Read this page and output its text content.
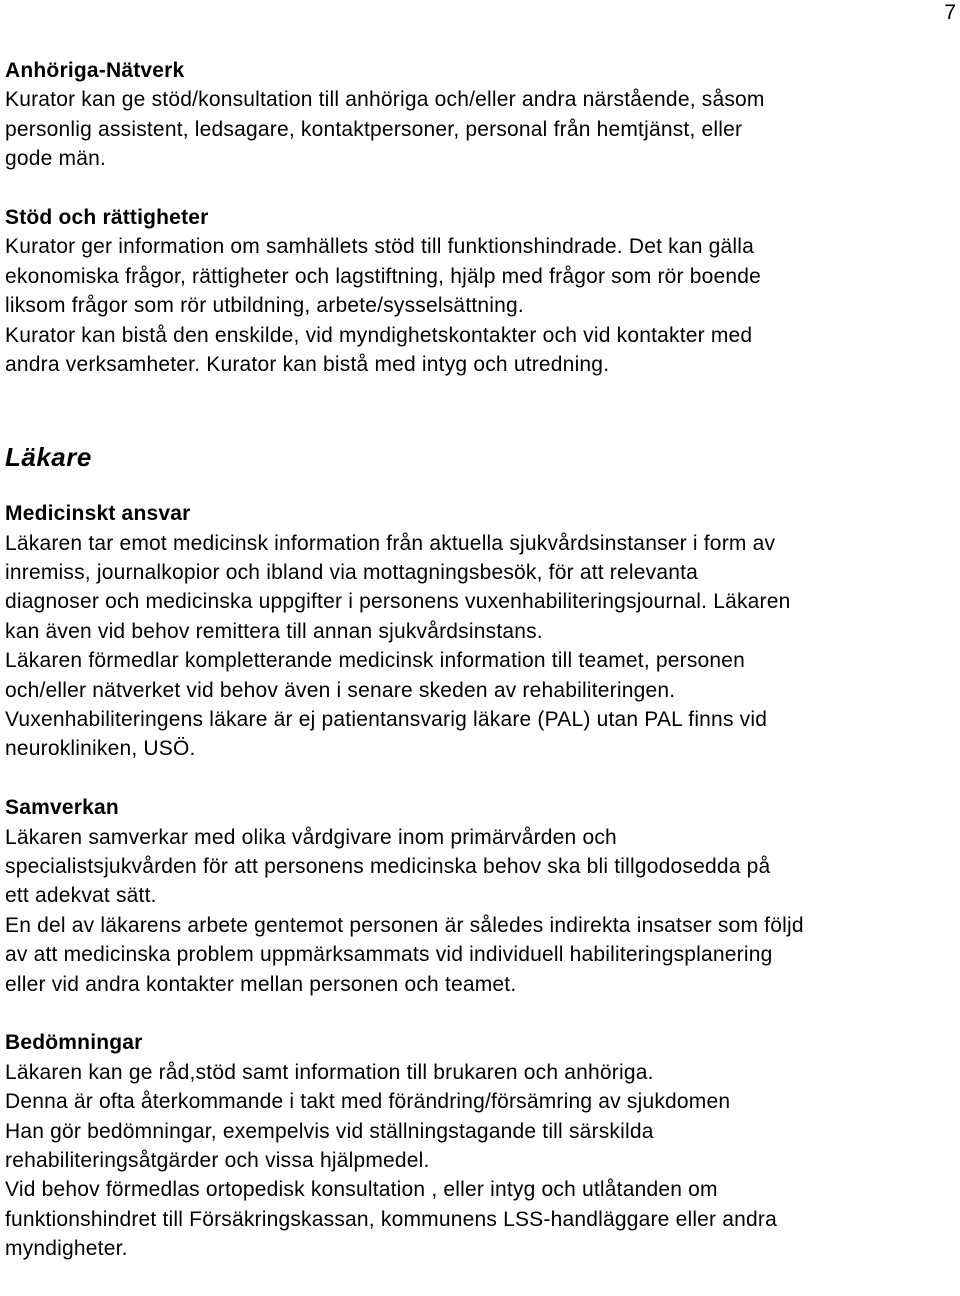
7
Anhöriga-Nätverk
Kurator kan ge stöd/konsultation till anhöriga och/eller andra närstående, såsom
personlig assistent, ledsagare, kontaktpersoner, personal från hemtjänst, eller
gode män.
Stöd och rättigheter
Kurator ger information om samhällets stöd till funktionshindrade. Det kan gälla
ekonomiska frågor, rättigheter och lagstiftning, hjälp med frågor som rör boende
liksom frågor som rör utbildning, arbete/sysselsättning.
Kurator kan bistå den enskilde, vid myndighetskontakter och vid kontakter med
andra verksamheter. Kurator kan bistå med intyg och utredning.
Läkare
Medicinskt ansvar
Läkaren tar emot medicinsk information från aktuella sjukvårdsinstanser i form av
inremiss, journalkopior och ibland via mottagningsbesök, för att relevanta
diagnoser och medicinska uppgifter i personens vuxenhabiliteringsjournal. Läkaren
kan även vid behov remittera till annan sjukvårdsinstans.
Läkaren förmedlar kompletterande medicinsk information till teamet, personen
och/eller nätverket vid behov även i senare skeden av rehabiliteringen.
Vuxenhabiliteringens läkare är ej patientansvarig läkare (PAL) utan PAL finns vid
neurokliniken, USÖ.
Samverkan
Läkaren samverkar med olika vårdgivare inom primärvården och
specialistsjukvården för att personens medicinska behov ska bli tillgodosedda på
ett adekvat sätt.
En del av läkarens arbete gentemot personen är således indirekta insatser som följd
av att medicinska problem uppmärksammats vid individuell habiliteringsplanering
eller vid andra kontakter mellan personen och teamet.
Bedömningar
Läkaren kan ge råd,stöd samt information till brukaren och anhöriga.
Denna är ofta återkommande i takt med förändring/försämring av sjukdomen
Han gör bedömningar, exempelvis vid ställningstagande till särskilda
rehabiliteringsåtgärder och vissa hjälpmedel.
Vid behov förmedlas ortopedisk konsultation , eller intyg och utlåtanden om
funktionshindret till Försäkringskassan, kommunens LSS-handläggare eller andra
myndigheter.
